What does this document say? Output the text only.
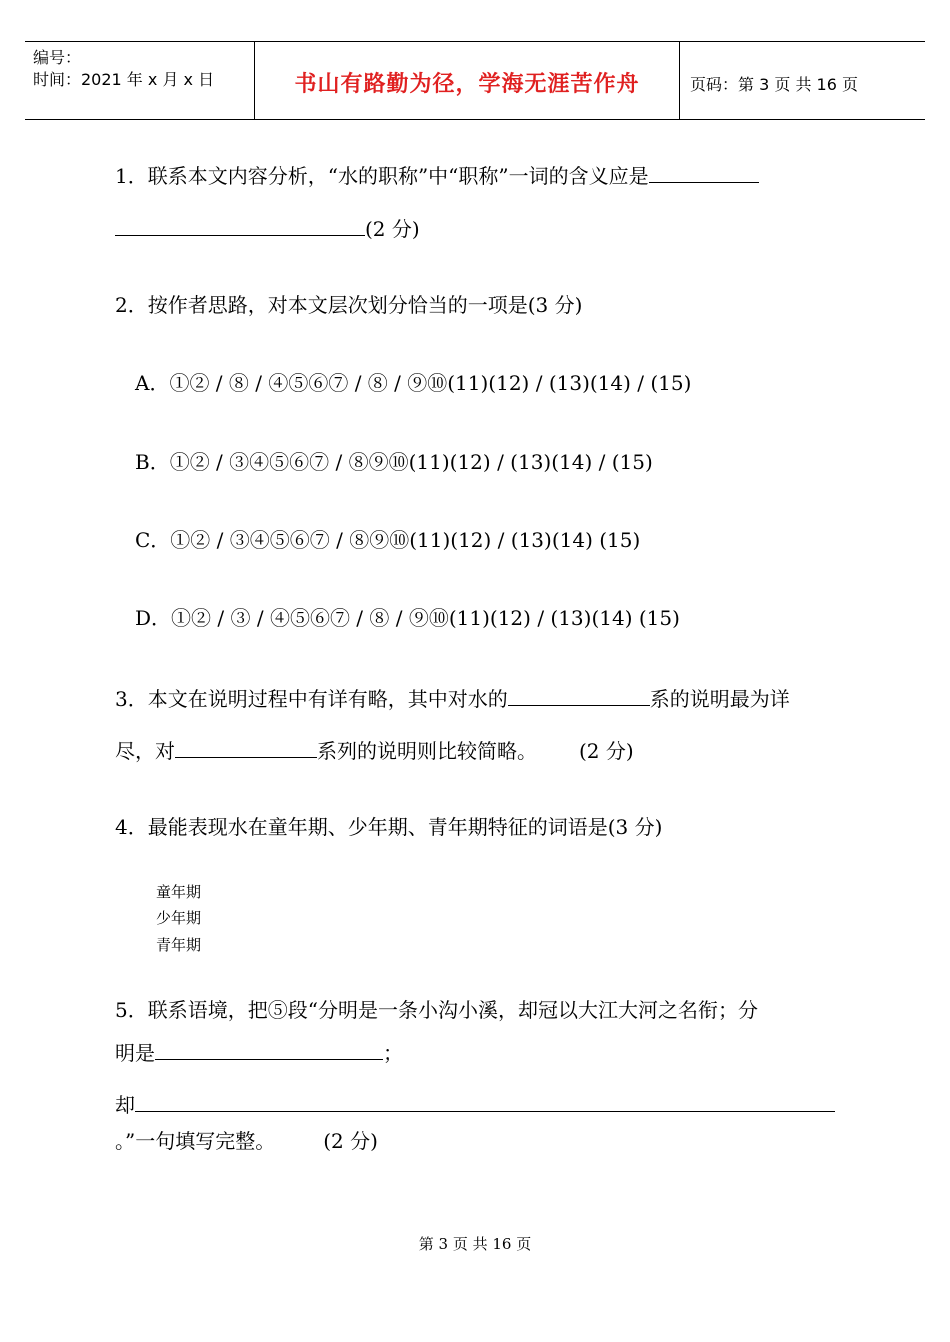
编号：
时间：2021 年 x 月 x 日	书山有路勤为径，学海无涯苦作舟	页码：第 3 页 共 16 页
1．联系本文内容分析，“水的职称”中“职称”一词的含义应是
(2 分)
2．按作者思路，对本文层次划分恰当的一项是(3 分)
A．①② / ⑧ / ④⑤⑥⑦ / ⑧ / ⑨⑩(11)(12) / (13)(14) / (15)
B．①② / ③④⑤⑥⑦ / ⑧⑨⑩(11)(12) / (13)(14) / (15)
C．①② / ③④⑤⑥⑦ / ⑧⑨⑩(11)(12) / (13)(14) (15)
D．①② / ③ / ④⑤⑥⑦ / ⑧ / ⑨⑩(11)(12) / (13)(14) (15)
3．本文在说明过程中有详有略，其中对水的	系的说明最为详
尽，对	系列的说明则比较简略。 (2 分)
4．最能表现水在童年期、少年期、青年期特征的词语是(3 分)
童年期
少年期
青年期
5．联系语境，把⑤段“分明是一条小沟小溪，却冠以大江大河之名衔；分
明是	；
却
。”一句填写完整。 (2 分)
第 3 页 共 16 页
